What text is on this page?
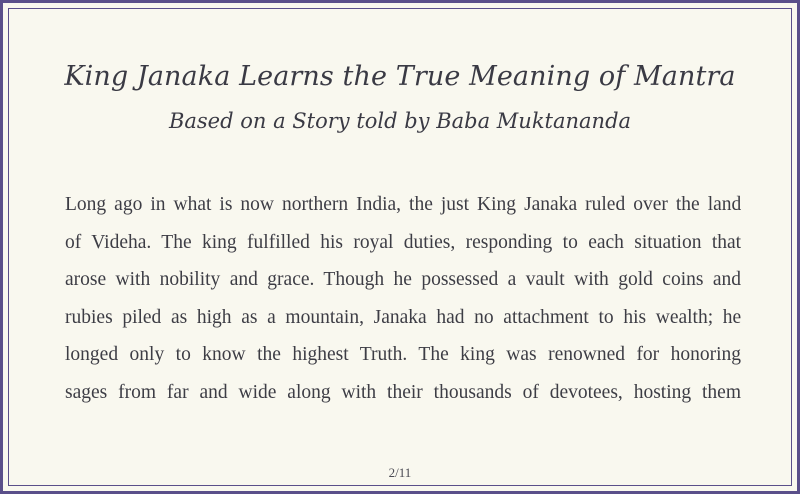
King Janaka Learns the True Meaning of Mantra
Based on a Story told by Baba Muktananda
Long ago in what is now northern India, the just King Janaka ruled over the land
of Videha. The king fulfilled his royal duties, responding to each situation that
arose with nobility and grace. Though he possessed a vault with gold coins and
rubies piled as high as a mountain, Janaka had no attachment to his wealth; he
longed only to know the highest Truth. The king was renowned for honoring
sages from far and wide along with their thousands of devotees, hosting them
2/11
